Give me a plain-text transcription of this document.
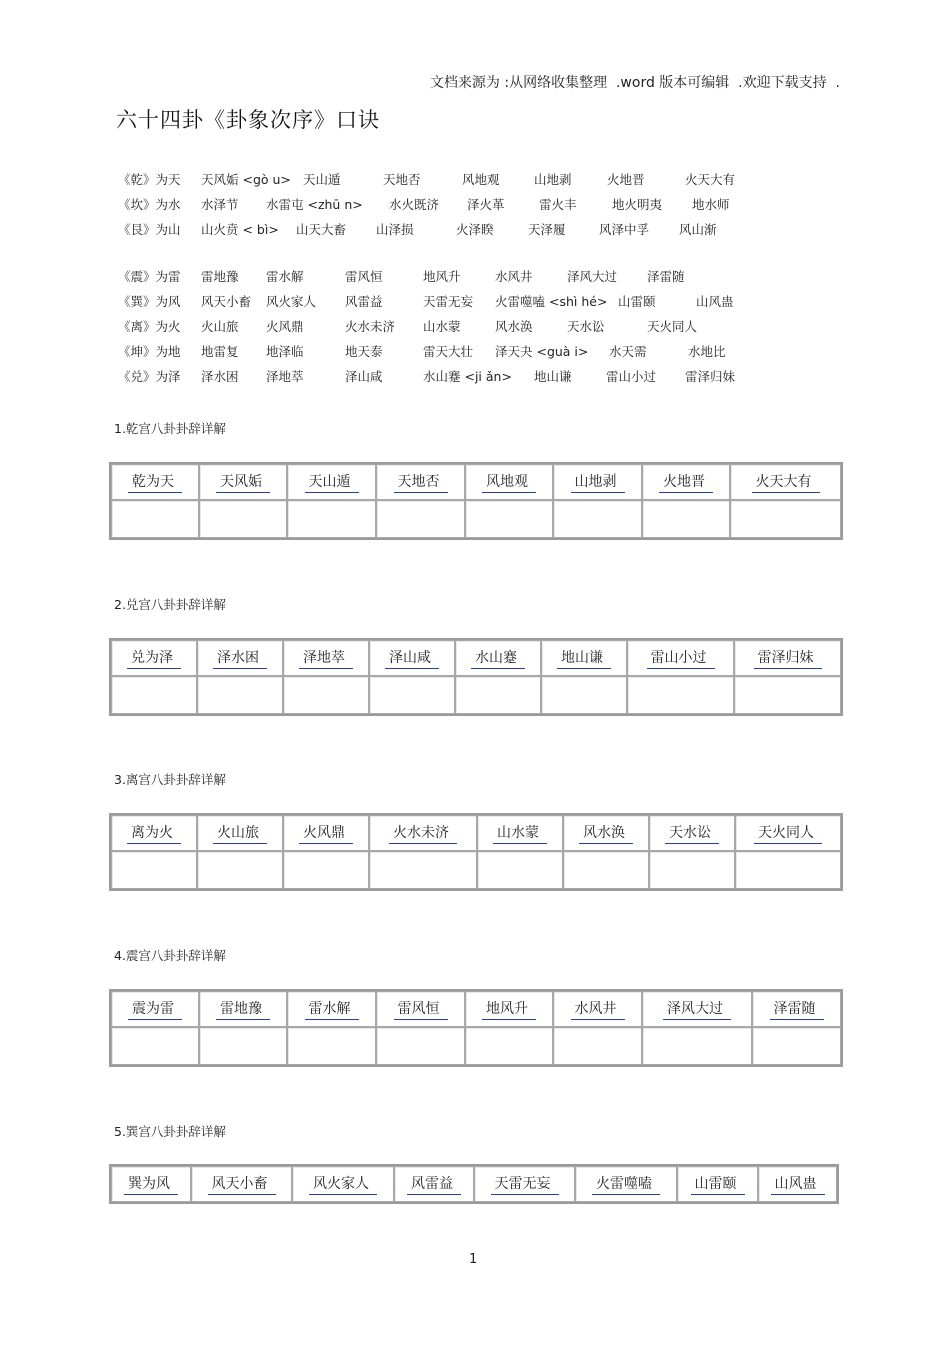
文档来源为 :从网络收集整理  .word 版本可编辑  .欢迎下载支持  .
六十四卦《卦象次序》口诀
《乾》为天 天风姤 <gò u> 天山遁	天地否	风地观	山地剥	火地晋	火天大有
《坎》为水 水泽节 水雷屯 <zhū n> 水火既济 泽火革	雷火丰	地火明夷 地水师
《艮》为山 山火贲 < bì> 山天大畜 山泽损	火泽睽	天泽履	风泽中孚 风山渐
《震》为雷 雷地豫 雷水解	雷风恒	地风升	水风井	泽风大过 泽雷随
《巽》为风 风天小畜 风火家人 风雷益	天雷无妄 火雷噬嗑 <shì hé> 山雷颐	山风蛊
《离》为火 火山旅 火风鼎	火水未济 山水蒙	风水涣	天水讼	天火同人
《坤》为地 地雷复 地泽临	地天泰	雷天大壮 泽天夬 <guà i> 水天需	水地比
《兑》为泽 泽水困 泽地萃	泽山咸	水山蹇 <ji ǎn> 地山谦	雷山小过 雷泽归妹
1.乾宫八卦卦辞详解
乾为天	天风姤	天山遁	天地否	风地观	山地剥	火地晋	火天大有

2.兑宫八卦卦辞详解
兑为泽	泽水困	泽地萃	泽山咸	水山蹇	地山谦	雷山小过	雷泽归妹

3.离宫八卦卦辞详解
离为火	火山旅	火风鼎	火水未济	山水蒙	风水涣	天水讼	天火同人

4.震宫八卦卦辞详解
震为雷	雷地豫	雷水解	雷风恒	地风升	水风井	泽风大过	泽雷随

5.巽宫八卦卦辞详解
巽为风	风天小畜	风火家人	风雷益	天雷无妄	火雷噬嗑	山雷颐	山风蛊
1
